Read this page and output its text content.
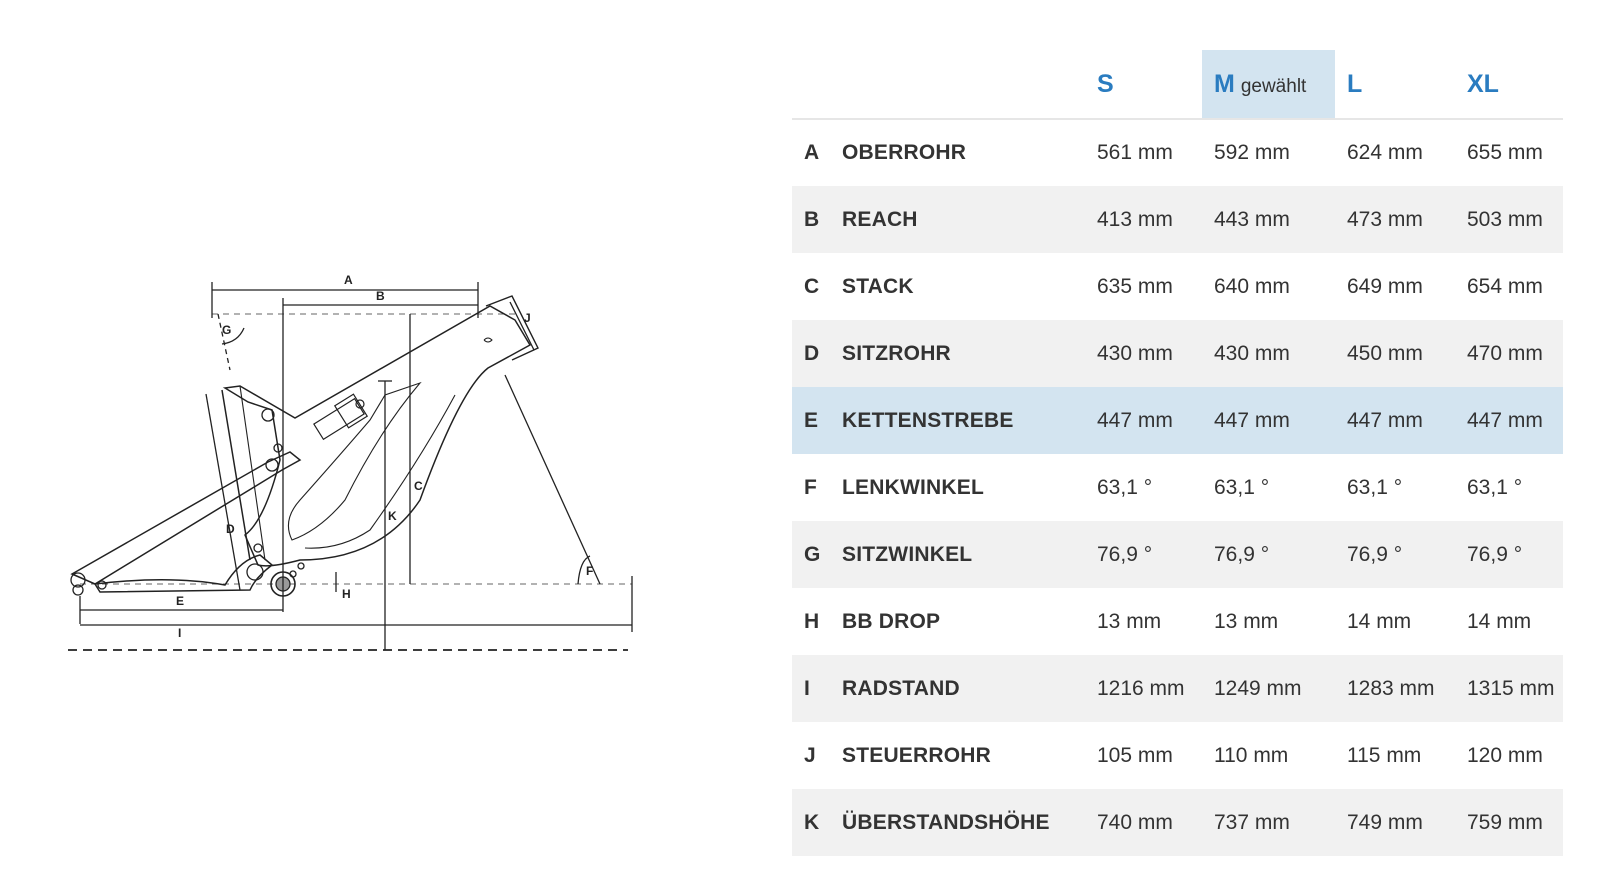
A
B
C
K
D
E
I
H
J
F
G
		S	M gewählt	L	XL
A	OBERROHR	561 mm	592 mm	624 mm	655 mm
B	REACH	413 mm	443 mm	473 mm	503 mm
C	STACK	635 mm	640 mm	649 mm	654 mm
D	SITZROHR	430 mm	430 mm	450 mm	470 mm
E	KETTENSTREBE	447 mm	447 mm	447 mm	447 mm
F	LENKWINKEL	63,1 °	63,1 °	63,1 °	63,1 °
G	SITZWINKEL	76,9 °	76,9 °	76,9 °	76,9 °
H	BB DROP	13 mm	13 mm	14 mm	14 mm
I	RADSTAND	1216 mm	1249 mm	1283 mm	1315 mm
J	STEUERROHR	105 mm	110 mm	115 mm	120 mm
K	ÜBERSTANDSHÖHE	740 mm	737 mm	749 mm	759 mm
